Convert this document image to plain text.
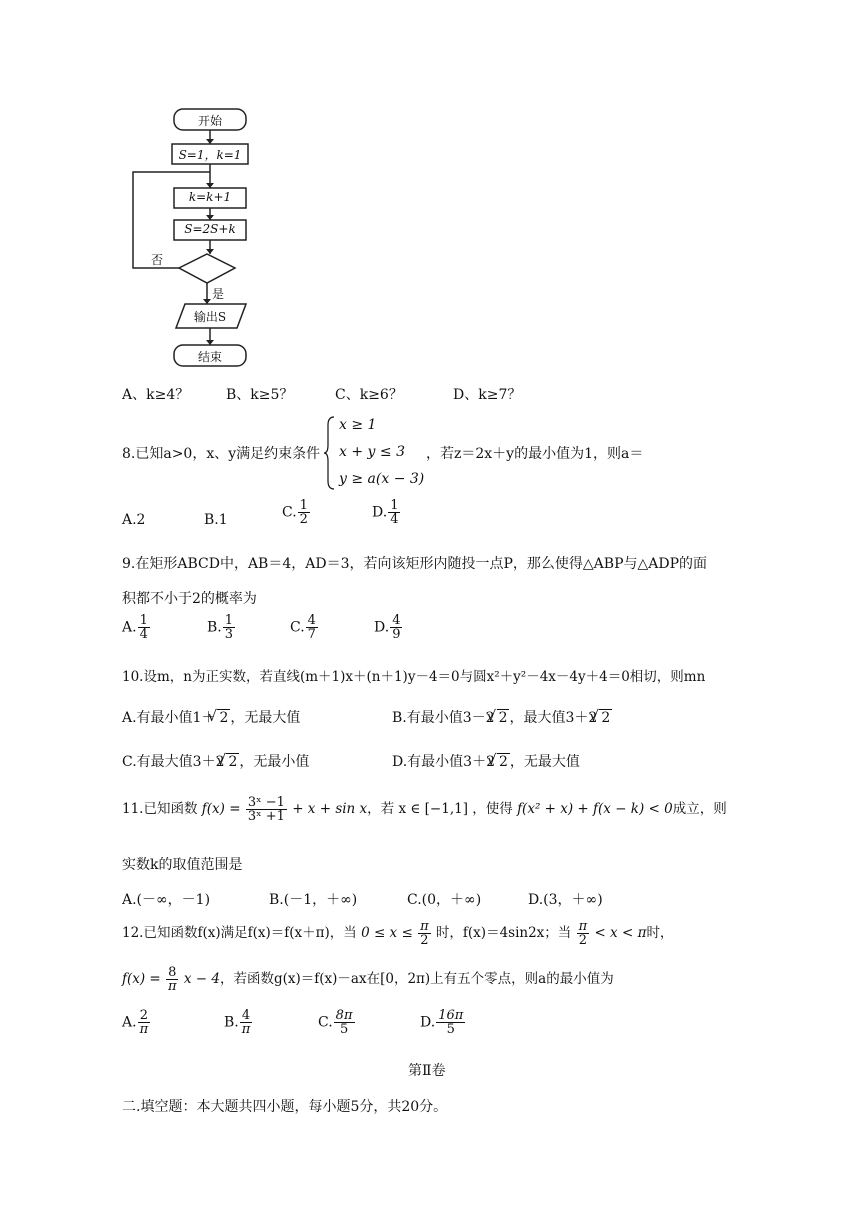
开始
S=1，k=1
k=k+1
S=2S+k
否
是
输出S
结束
A、k≥4？	B、k≥5？	C、k≥6？	D、k≥7？
8.已知a>0，x、y满足约束条件
x ≥ 1
x + y ≤ 3
y ≥ a(x − 3)
，若z＝2x＋y的最小值为1，则a＝
A.2	B.1	C. $\frac{1}{2}$	D. $\frac{1}{4}$
9.在矩形ABCD中，AB＝4，AD＝3，若向该矩形内随投一点P，那么使得△ABP与△ADP的面
积都不小于2的概率为
A. $\frac{1}{4}$	B. $\frac{1}{3}$	C. $\frac{4}{7}$	D. $\frac{4}{9}$
10.设m，n为正实数，若直线(m＋1)x＋(n＋1)y－4＝0与圆x²＋y²－4x－4y＋4＝0相切，则mn
A.有最小值1＋ √ 2 ，无最大值	B.有最小值3－2 √ 2 ，最大值3＋2 √ 2
C.有最大值3＋2 √ 2 ，无最小值	D.有最小值3＋2 √ 2 ，无最大值
11.已知函数 $f(x) = \frac{\text{3ˣ −1}}{\text{3ˣ +1}} + x + \sin x$，若 x ∈ [−1,1] ，使得 f(x² + x) + f(x − k) < 0成立，则
实数k的取值范围是
A.(－∞，－1)	B.(－1，＋∞)	C.(0，＋∞)	D.(3，＋∞)
12.已知函数f(x)满足f(x)＝f(x＋π)，当 $0 \le x \le \frac{\pi}{2}$ 时，f(x)＝4sin2x；当 $\frac{\pi}{2} < x < \pi$时，
$f(x) = \frac{8}{\pi}$ x − 4，若函数g(x)＝f(x)－ax在[0，2π)上有五个零点，则a的最小值为
A. $\frac{2}{\pi}$	B. $\frac{4}{\pi}$	C. $\frac{8\pi}{5}$	D. $\frac{16\pi}{5}$
第Ⅱ卷
二.填空题：本大题共四小题，每小题5分，共20分。
